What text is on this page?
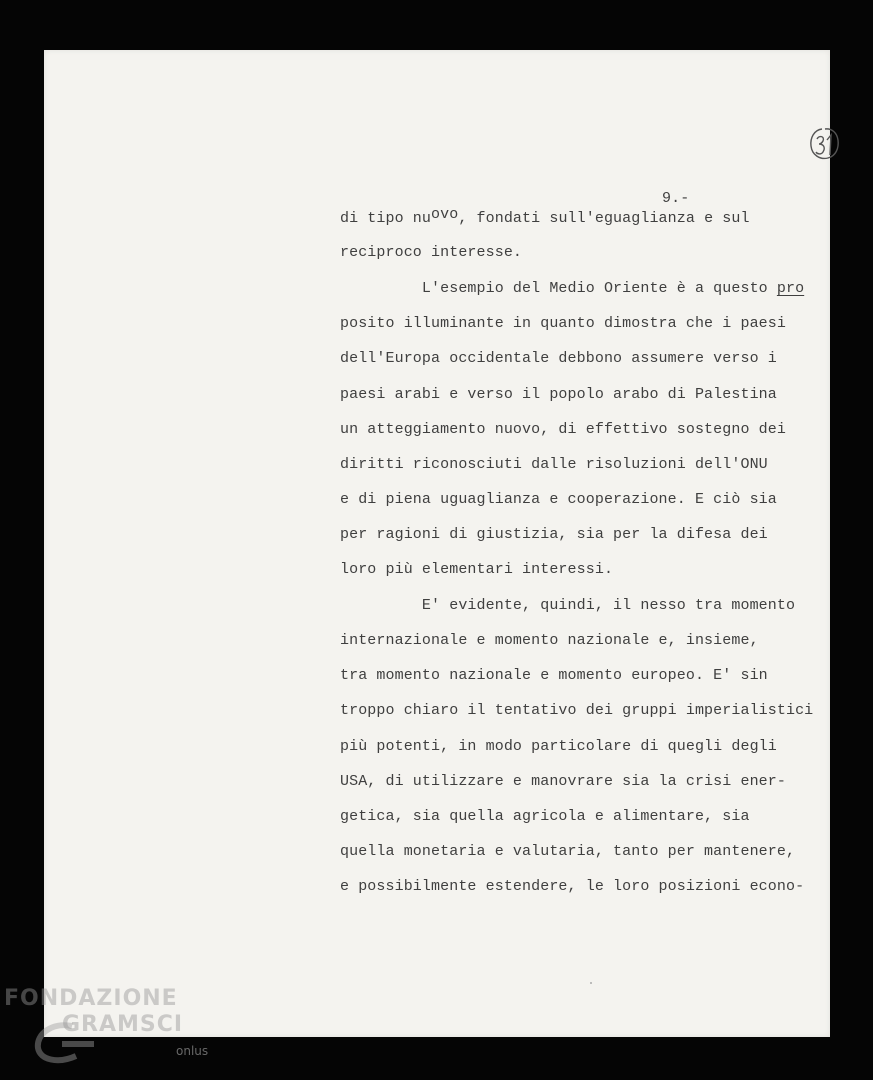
9.-

di tipo nuovo, fondati sull'eguaglianza e sul

reciproco interesse.

L'esempio del Medio Oriente è a questo pro

posito illuminante in quanto dimostra che i paesi

dell'Europa occidentale debbono assumere verso i

paesi arabi e verso il popolo arabo di Palestina

un atteggiamento nuovo, di effettivo sostegno dei

diritti riconosciuti dalle risoluzioni dell'ONU

e di piena uguaglianza e cooperazione. E ciò sia

per ragioni di giustizia, sia per la difesa dei

loro più elementari interessi.

E' evidente, quindi, il nesso tra momento

internazionale e momento nazionale e, insieme,

tra momento nazionale e momento europeo. E' sin

troppo chiaro il tentativo dei gruppi imperialistici

più potenti, in modo particolare di quegli degli

USA, di utilizzare e manovrare sia la crisi ener-

getica, sia quella agricola e alimentare, sia

quella monetaria e valutaria, tanto per mantenere,

e possibilmente estendere, le loro posizioni econo-

FONDAZIONE

GRAMSCI

onlus
